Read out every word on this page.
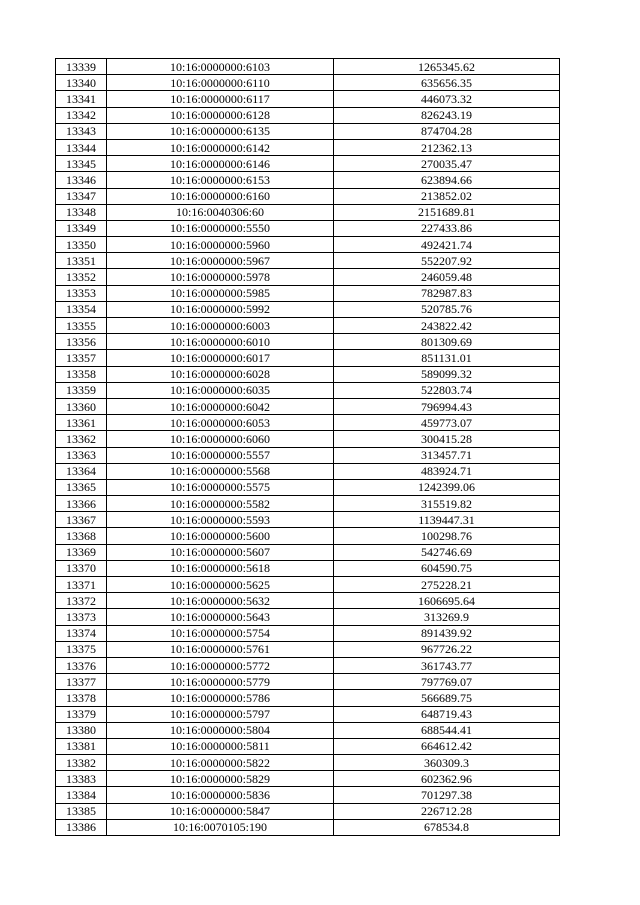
13339	10:16:0000000:6103	1265345.62
13340	10:16:0000000:6110	635656.35
13341	10:16:0000000:6117	446073.32
13342	10:16:0000000:6128	826243.19
13343	10:16:0000000:6135	874704.28
13344	10:16:0000000:6142	212362.13
13345	10:16:0000000:6146	270035.47
13346	10:16:0000000:6153	623894.66
13347	10:16:0000000:6160	213852.02
13348	10:16:0040306:60	2151689.81
13349	10:16:0000000:5550	227433.86
13350	10:16:0000000:5960	492421.74
13351	10:16:0000000:5967	552207.92
13352	10:16:0000000:5978	246059.48
13353	10:16:0000000:5985	782987.83
13354	10:16:0000000:5992	520785.76
13355	10:16:0000000:6003	243822.42
13356	10:16:0000000:6010	801309.69
13357	10:16:0000000:6017	851131.01
13358	10:16:0000000:6028	589099.32
13359	10:16:0000000:6035	522803.74
13360	10:16:0000000:6042	796994.43
13361	10:16:0000000:6053	459773.07
13362	10:16:0000000:6060	300415.28
13363	10:16:0000000:5557	313457.71
13364	10:16:0000000:5568	483924.71
13365	10:16:0000000:5575	1242399.06
13366	10:16:0000000:5582	315519.82
13367	10:16:0000000:5593	1139447.31
13368	10:16:0000000:5600	100298.76
13369	10:16:0000000:5607	542746.69
13370	10:16:0000000:5618	604590.75
13371	10:16:0000000:5625	275228.21
13372	10:16:0000000:5632	1606695.64
13373	10:16:0000000:5643	313269.9
13374	10:16:0000000:5754	891439.92
13375	10:16:0000000:5761	967726.22
13376	10:16:0000000:5772	361743.77
13377	10:16:0000000:5779	797769.07
13378	10:16:0000000:5786	566689.75
13379	10:16:0000000:5797	648719.43
13380	10:16:0000000:5804	688544.41
13381	10:16:0000000:5811	664612.42
13382	10:16:0000000:5822	360309.3
13383	10:16:0000000:5829	602362.96
13384	10:16:0000000:5836	701297.38
13385	10:16:0000000:5847	226712.28
13386	10:16:0070105:190	678534.8
